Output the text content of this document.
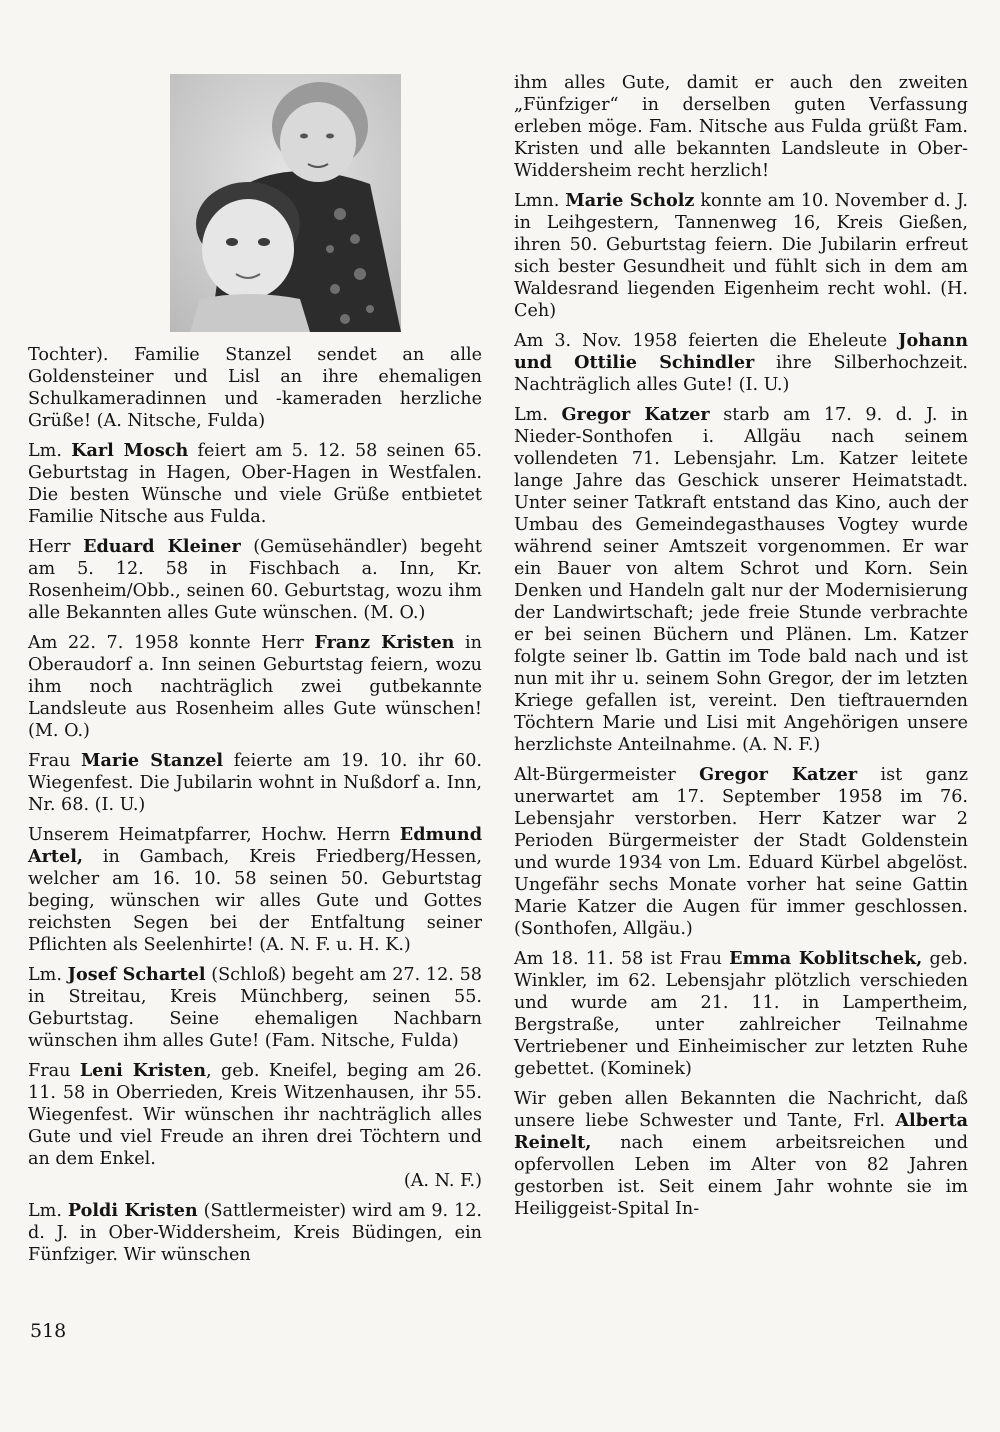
Tochter). Familie Stanzel sendet an alle Goldensteiner und Lisl an ihre ehemaligen Schulkameradinnen und -kameraden herzliche Grüße! (A. Nitsche, Fulda)

Lm. Karl Mosch feiert am 5. 12. 58 seinen 65. Geburtstag in Hagen, Ober-Hagen in Westfalen. Die besten Wünsche und viele Grüße entbietet Familie Nitsche aus Fulda.

Herr Eduard Kleiner (Gemüsehändler) begeht am 5. 12. 58 in Fischbach a. Inn, Kr. Rosenheim/Obb., seinen 60. Geburtstag, wozu ihm alle Bekannten alles Gute wünschen. (M. O.)

Am 22. 7. 1958 konnte Herr Franz Kristen in Oberaudorf a. Inn seinen Geburtstag feiern, wozu ihm noch nachträglich zwei gutbekannte Landsleute aus Rosenheim alles Gute wünschen! (M. O.)

Frau Marie Stanzel feierte am 19. 10. ihr 60. Wiegenfest. Die Jubilarin wohnt in Nußdorf a. Inn, Nr. 68. (I. U.)

Unserem Heimatpfarrer, Hochw. Herrn Edmund Artel, in Gambach, Kreis Friedberg/Hessen, welcher am 16. 10. 58 seinen 50. Geburtstag beging, wünschen wir alles Gute und Gottes reichsten Segen bei der Entfaltung seiner Pflichten als Seelenhirte! (A. N. F. u. H. K.)

Lm. Josef Schartel (Schloß) begeht am 27. 12. 58 in Streitau, Kreis Münchberg, seinen 55. Geburtstag. Seine ehemaligen Nachbarn wünschen ihm alles Gute! (Fam. Nitsche, Fulda)

Frau Leni Kristen, geb. Kneifel, beging am 26. 11. 58 in Oberrieden, Kreis Witzenhausen, ihr 55. Wiegenfest. Wir wünschen ihr nachträglich alles Gute und viel Freude an ihren drei Töchtern und an dem Enkel.

(A. N. F.)

Lm. Poldi Kristen (Sattlermeister) wird am 9. 12. d. J. in Ober-Widdersheim, Kreis Büdingen, ein Fünfziger. Wir wünschen

ihm alles Gute, damit er auch den zweiten „Fünfziger“ in derselben guten Verfassung erleben möge. Fam. Nitsche aus Fulda grüßt Fam. Kristen und alle bekannten Landsleute in Ober-Widdersheim recht herzlich!

Lmn. Marie Scholz konnte am 10. November d. J. in Leihgestern, Tannenweg 16, Kreis Gießen, ihren 50. Geburtstag feiern. Die Jubilarin erfreut sich bester Gesundheit und fühlt sich in dem am Waldesrand liegenden Eigenheim recht wohl. (H. Ceh)

Am 3. Nov. 1958 feierten die Eheleute Johann und Ottilie Schindler ihre Silberhochzeit. Nachträglich alles Gute! (I. U.)

Lm. Gregor Katzer starb am 17. 9. d. J. in Nieder-Sonthofen i. Allgäu nach seinem vollendeten 71. Lebensjahr. Lm. Katzer leitete lange Jahre das Geschick unserer Heimatstadt. Unter seiner Tatkraft entstand das Kino, auch der Umbau des Gemeindegasthauses Vogtey wurde während seiner Amtszeit vorgenommen. Er war ein Bauer von altem Schrot und Korn. Sein Denken und Handeln galt nur der Modernisierung der Landwirtschaft; jede freie Stunde verbrachte er bei seinen Büchern und Plänen. Lm. Katzer folgte seiner lb. Gattin im Tode bald nach und ist nun mit ihr u. seinem Sohn Gregor, der im letzten Kriege gefallen ist, vereint. Den tieftrauernden Töchtern Marie und Lisi mit Angehörigen unsere herzlichste Anteilnahme. (A. N. F.)

Alt-Bürgermeister Gregor Katzer ist ganz unerwartet am 17. September 1958 im 76. Lebensjahr verstorben. Herr Katzer war 2 Perioden Bürgermeister der Stadt Goldenstein und wurde 1934 von Lm. Eduard Kürbel abgelöst. Ungefähr sechs Monate vorher hat seine Gattin Marie Katzer die Augen für immer geschlossen. (Sonthofen, Allgäu.)

Am 18. 11. 58 ist Frau Emma Koblitschek, geb. Winkler, im 62. Lebensjahr plötzlich verschieden und wurde am 21. 11. in Lampertheim, Bergstraße, unter zahlreicher Teilnahme Vertriebener und Einheimischer zur letzten Ruhe gebettet. (Kominek)

Wir geben allen Bekannten die Nachricht, daß unsere liebe Schwester und Tante, Frl. Alberta Reinelt, nach einem arbeitsreichen und opfervollen Leben im Alter von 82 Jahren gestorben ist. Seit einem Jahr wohnte sie im Heiliggeist-Spital In-

518
